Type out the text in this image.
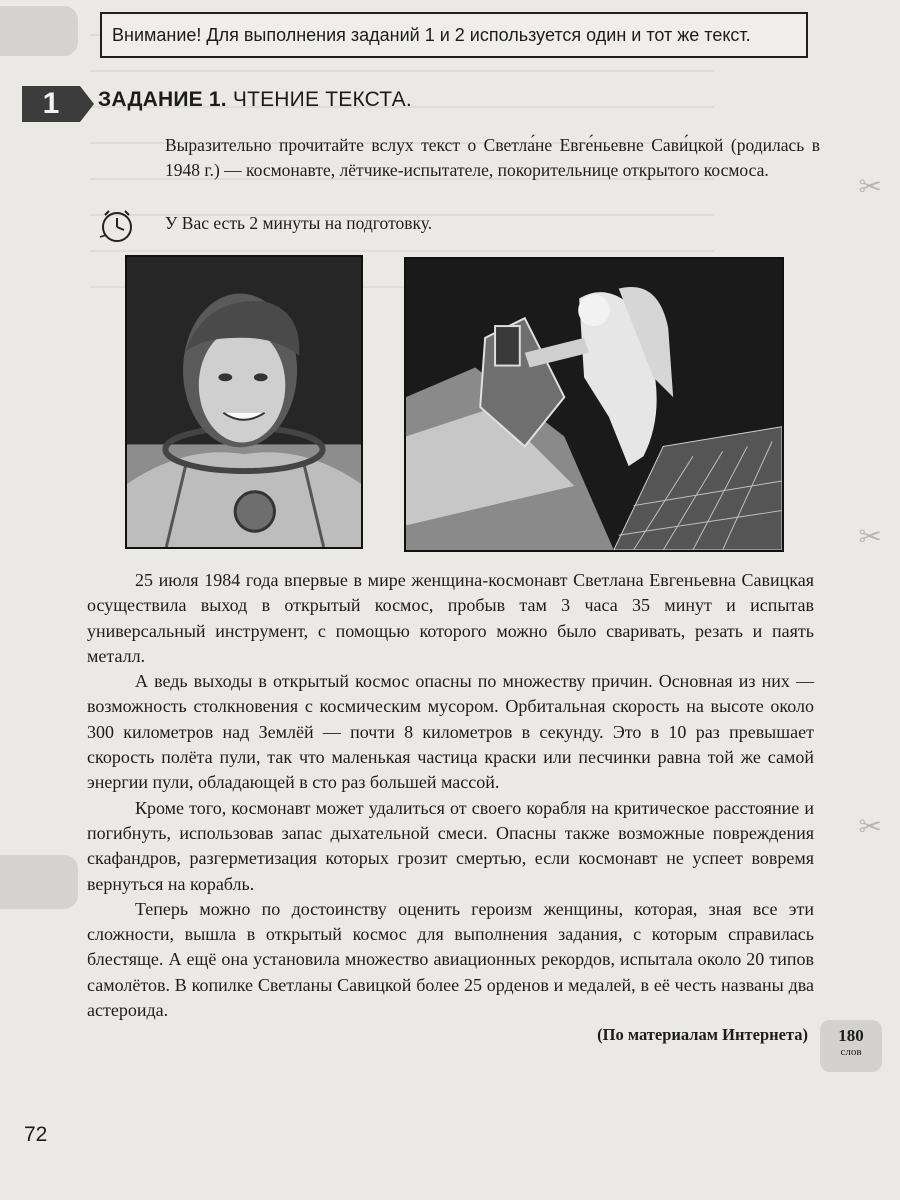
✂
✂
✂
Внимание! Для выполнения заданий 1 и 2 используется один и тот же текст.
1	ЗАДАНИЕ 1. ЧТЕНИЕ ТЕКСТА.
Выразительно прочитайте вслух текст о Светла́не Евге́ньевне Сави́цкой (родилась в 1948 г.) — космонавте, лётчике-испытателе, покорительнице открытого космоса.
У Вас есть 2 минуты на подготовку.

25 июля 1984 года впервые в мире женщина-космонавт Светлана Евгеньевна Савицкая осуществила выход в открытый космос, пробыв там 3 часа 35 минут и испытав универсальный инструмент, с помощью которого можно было сваривать, резать и паять металл.

А ведь выходы в открытый космос опасны по множеству причин. Основная из них — возможность столкновения с космическим мусором. Орбитальная скорость на высоте около 300 километров над Землёй — почти 8 километров в секунду. Это в 10 раз превышает скорость полёта пули, так что маленькая частица краски или песчинки равна той же самой энергии пули, обладающей в сто раз большей массой.

Кроме того, космонавт может удалиться от своего корабля на критическое расстояние и погибнуть, использовав запас дыхательной смеси. Опасны также возможные повреждения скафандров, разгерметизация которых грозит смертью, если космонавт не успеет вовремя вернуться на корабль.

Теперь можно по достоинству оценить героизм женщины, которая, зная все эти сложности, вышла в открытый космос для выполнения задания, с которым справилась блестяще. А ещё она установила множество авиационных рекордов, испытала около 20 типов самолётов. В копилке Светланы Савицкой более 25 орденов и медалей, в её честь названы два астероида.

(По материалам Интернета)	180
слов
72
